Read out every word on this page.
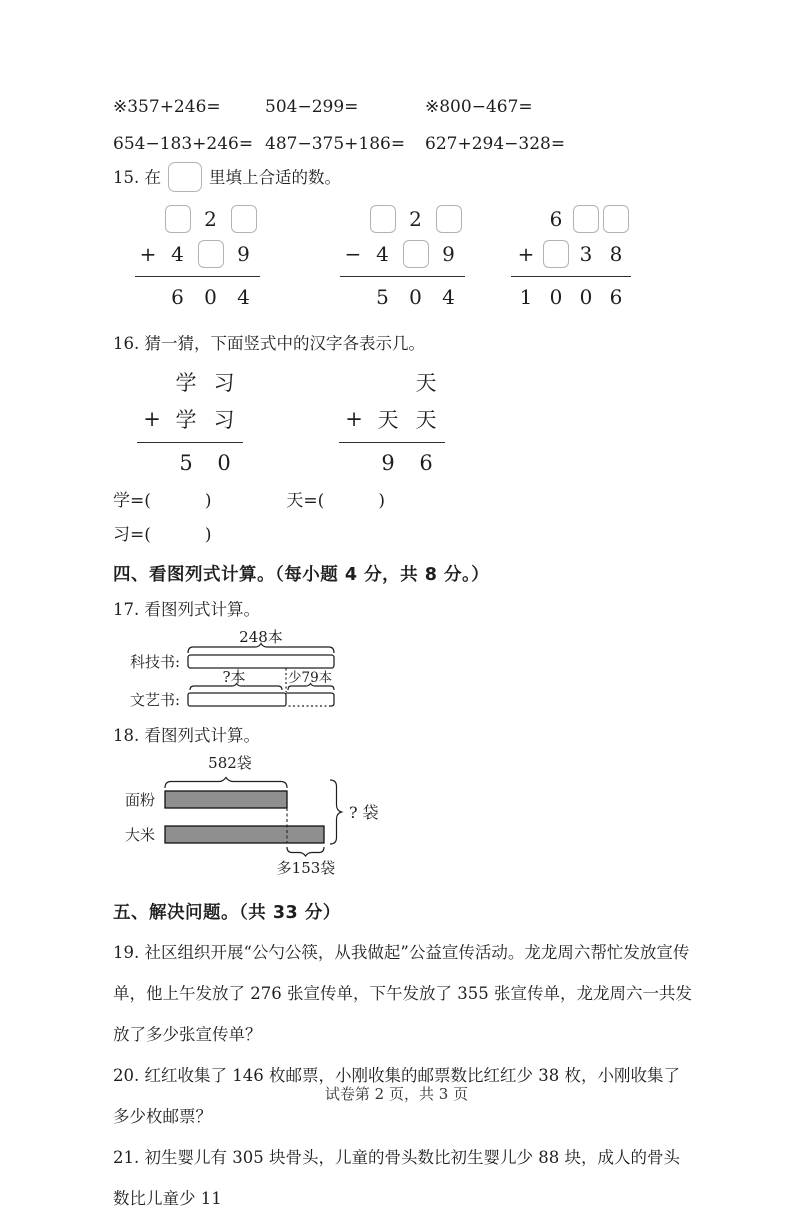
※357+246=	504−299=	※800−467=
654−183+246= 487−375+186=	627+294−328=

15. 在	里填上合适的数。

2
+ 4	9
6 0 4
2
− 4	9
5 0 4
6
+ 3 8
1 0 0 6

16. 猜一猜，下面竖式中的汉字各表示几。

学 习
+ 学 习
5 0
天
+ 天 天
9 6
学=(          )	天=(          )
习=(          )
四、看图列式计算。（每小题 4 分，共 8 分。）

17. 看图列式计算。

248本
科技书:
?本	少79本
文艺书:

18. 看图列式计算。

582袋
面粉
大米
多153袋
? 袋
五、解决问题。（共 33 分）

19. 社区组织开展“公勺公筷，从我做起”公益宣传活动。龙龙周六帮忙发放宣传单，他上午发放了 276 张宣传单，下午发放了 355 张宣传单，龙龙周六一共发放了多少张宣传单？

20. 红红收集了 146 枚邮票，小刚收集的邮票数比红红少 38 枚，小刚收集了多少枚邮票？

21. 初生婴儿有 305 块骨头，儿童的骨头数比初生婴儿少 88 块，成人的骨头数比儿童少 11

试卷第 2 页，共 3 页
